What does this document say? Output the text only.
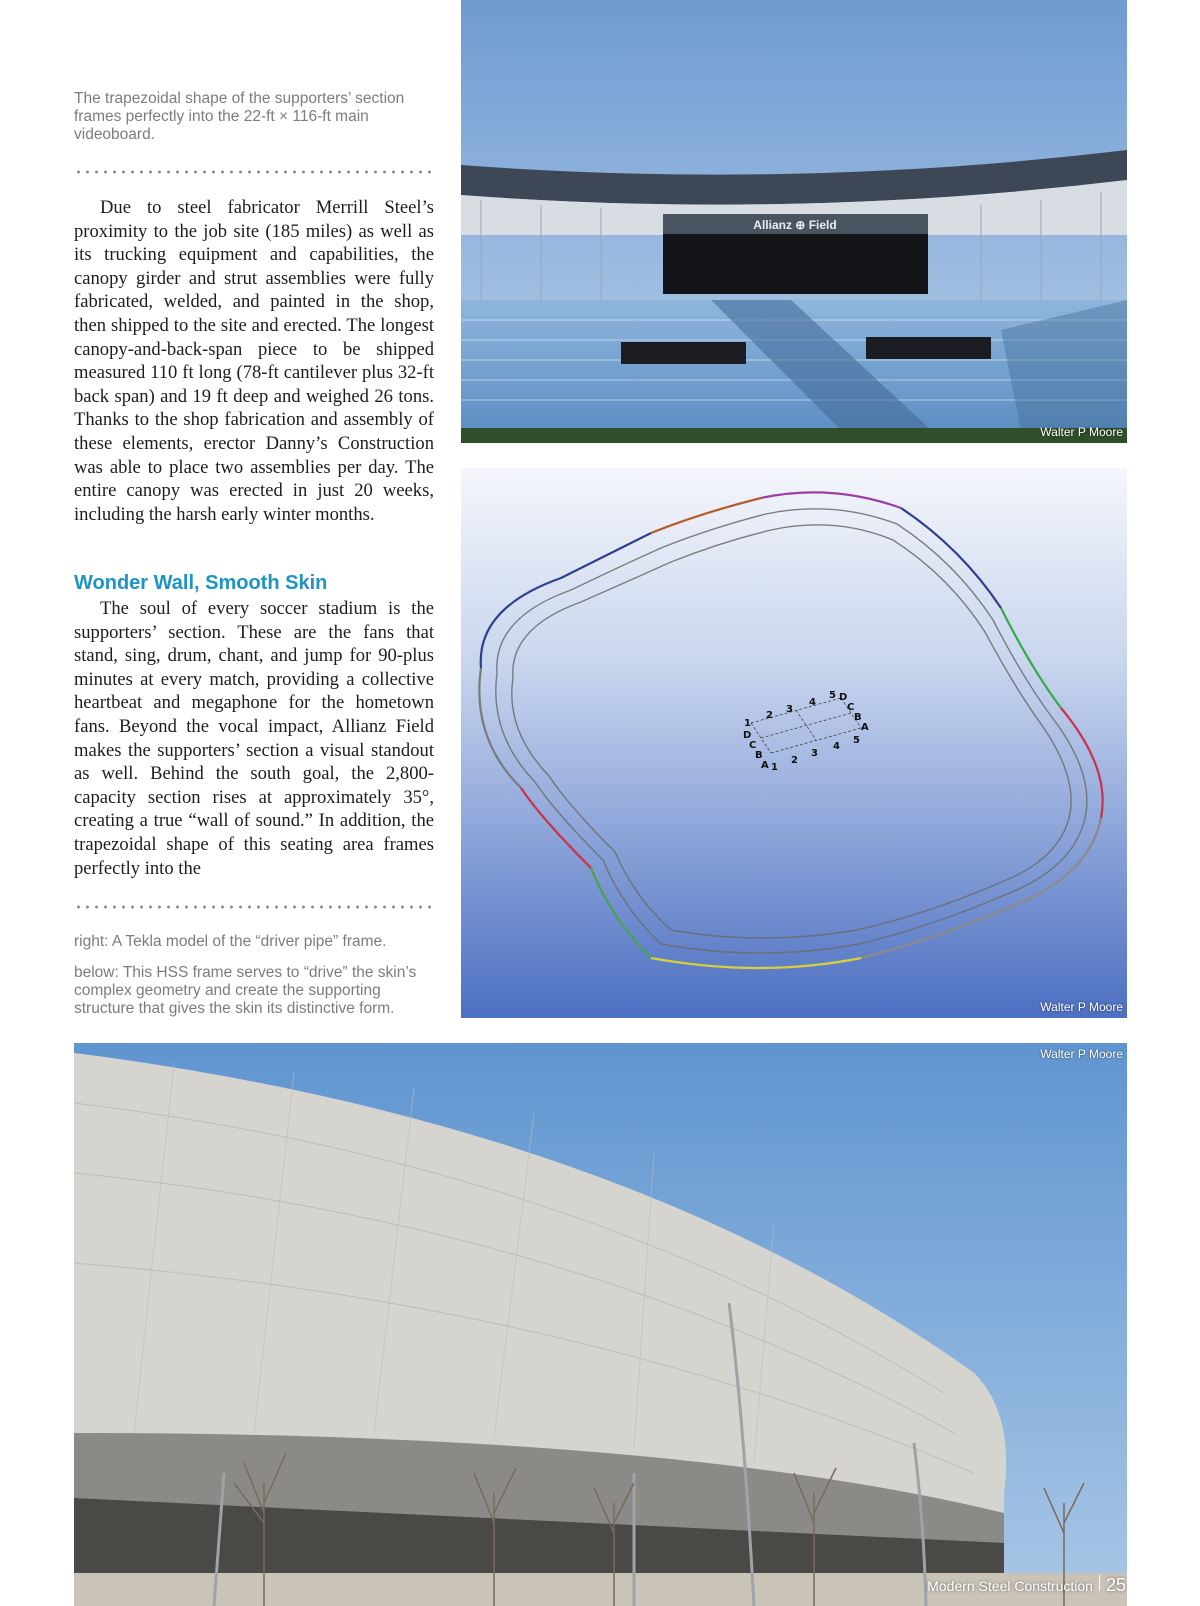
The trapezoidal shape of the supporters’ section frames perfectly into the 22-ft × 116-ft main videoboard.

Due to steel fabricator Merrill Steel’s proximity to the job site (185 miles) as well as its trucking equipment and capabilities, the canopy girder and strut assemblies were fully fabricated, welded, and painted in the shop, then shipped to the site and erected. The longest canopy-and-back-span piece to be shipped measured 110 ft long (78-ft cantilever plus 32-ft back span) and 19 ft deep and weighed 26 tons. Thanks to the shop fabrication and assembly of these elements, erector Danny’s Construction was able to place two assemblies per day. The entire canopy was erected in just 20 weeks, including the harsh early winter months.

Wonder Wall, Smooth Skin

The soul of every soccer stadium is the supporters’ section. These are the fans that stand, sing, drum, chant, and jump for 90-plus minutes at every match, providing a collective heartbeat and megaphone for the hometown fans. Beyond the vocal impact, Allianz Field makes the supporters’ section a visual standout as well. Behind the south goal, the 2,800-capacity section rises at approximately 35°, creating a true “wall of sound.” In addition, the trapezoidal shape of this seating area frames perfectly into the

right: A Tekla model of the “driver pipe” frame.

below: This HSS frame serves to “drive” the skin’s complex geometry and create the supporting structure that gives the skin its distinctive form.

Allianz ⊕ Field
Walter P Moore
1
2
3
4
5 D
C
B
A
D
C
B
A 1
2
3
4
5
Walter P Moore
Walter P Moore
Modern Steel Construction 25
